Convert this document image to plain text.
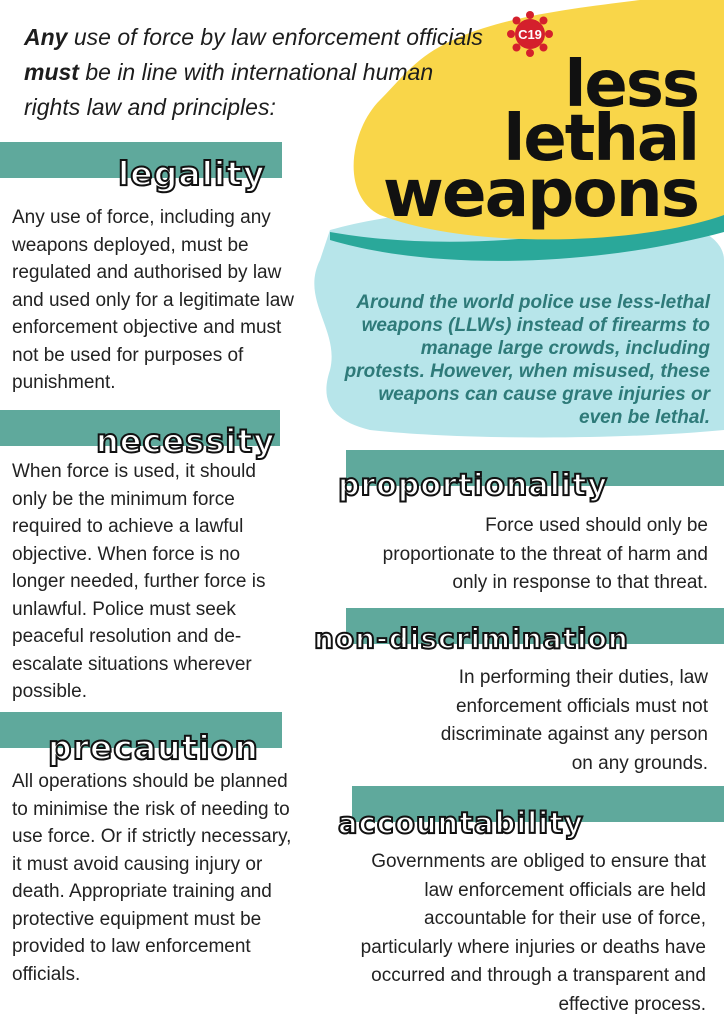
Any use of force by law enforcement officials must be in line with international human rights law and principles:
C19
less
lethal
weapons
Around the world police use less-lethal weapons (LLWs) instead of firearms to manage large crowds, including protests. However, when misused, these weapons can cause grave injuries or even be lethal.
legality
Any use of force, including any weapons deployed, must be regulated and authorised by law and used only for a legitimate law enforcement objective and must not be used for purposes of punishment.
necessity
When force is used, it should only be the minimum force required to achieve a lawful objective. When force is no longer needed, further force is unlawful. Police must seek peaceful resolution and de-escalate situations wherever possible.
precaution
All operations should be planned to minimise the risk of needing to use force. Or if strictly necessary, it must avoid causing injury or death. Appropriate training and protective equipment must be provided to law enforcement officials.
proportionality
Force used should only be proportionate to the threat of harm and only in response to that threat.
non-discrimination
In performing their duties, law enforcement officials must not discriminate against any person on any grounds.
accountability
Governments are obliged to ensure that law enforcement officials are held accountable for their use of force, particularly where injuries or deaths have occurred and through a transparent and effective process.
